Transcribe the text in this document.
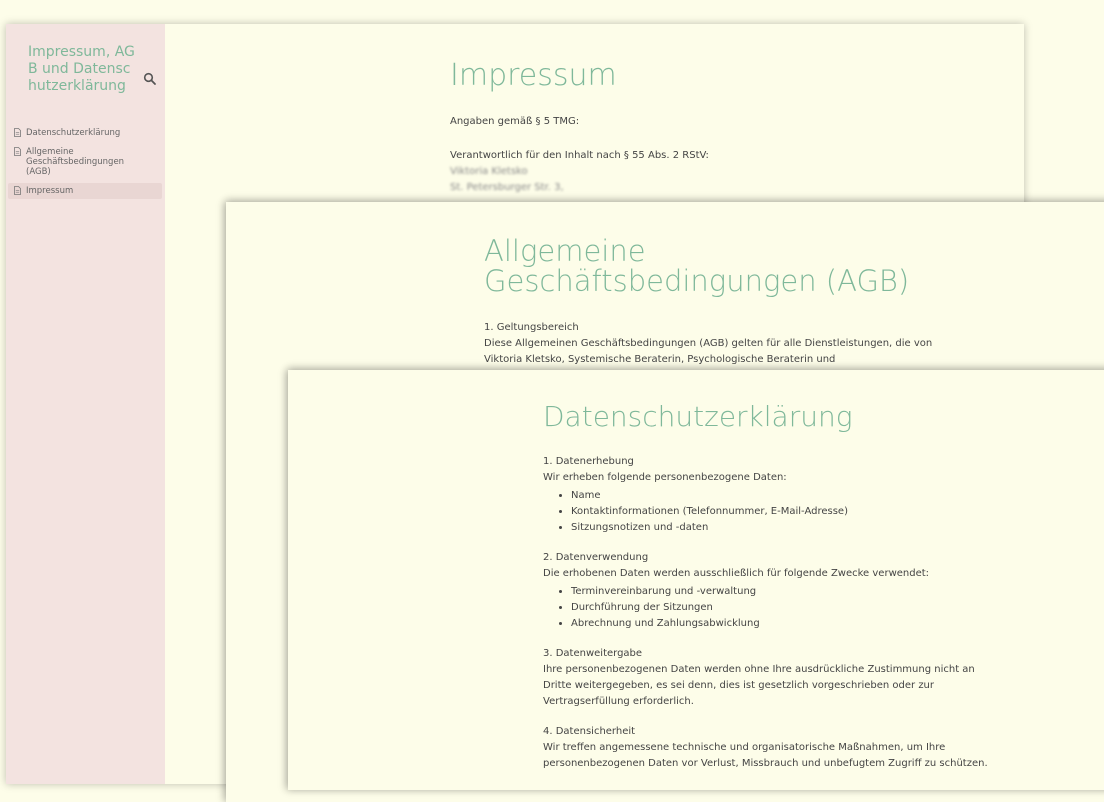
Impressum, AGB und Datenschutzerklärung
Datenschutzerklärung
Allgemeine Geschäftsbedingungen (AGB)
Impressum
Impressum

Angaben gemäß § 5 TMG:

Verantwortlich für den Inhalt nach § 55 Abs. 2 RStV:

Viktoria Kletsko

St. Petersburger Str. 3,

Allgemeine Geschäftsbedingungen (AGB)

1. Geltungsbereich

Diese Allgemeinen Geschäftsbedingungen (AGB) gelten für alle Dienstleistungen, die von Viktoria Kletsko, Systemische Beraterin, Psychologische Beraterin und

Datenschutzerklärung

1. Datenerhebung

Wir erheben folgende personenbezogene Daten:

• Name
• Kontaktinformationen (Telefonnummer, E-Mail-Adresse)
• Sitzungsnotizen und -daten

2. Datenverwendung

Die erhobenen Daten werden ausschließlich für folgende Zwecke verwendet:

• Terminvereinbarung und -verwaltung
• Durchführung der Sitzungen
• Abrechnung und Zahlungsabwicklung

3. Datenweitergabe

Ihre personenbezogenen Daten werden ohne Ihre ausdrückliche Zustimmung nicht an Dritte weitergegeben, es sei denn, dies ist gesetzlich vorgeschrieben oder zur Vertragserfüllung erforderlich.

4. Datensicherheit

Wir treffen angemessene technische und organisatorische Maßnahmen, um Ihre personenbezogenen Daten vor Verlust, Missbrauch und unbefugtem Zugriff zu schützen.
